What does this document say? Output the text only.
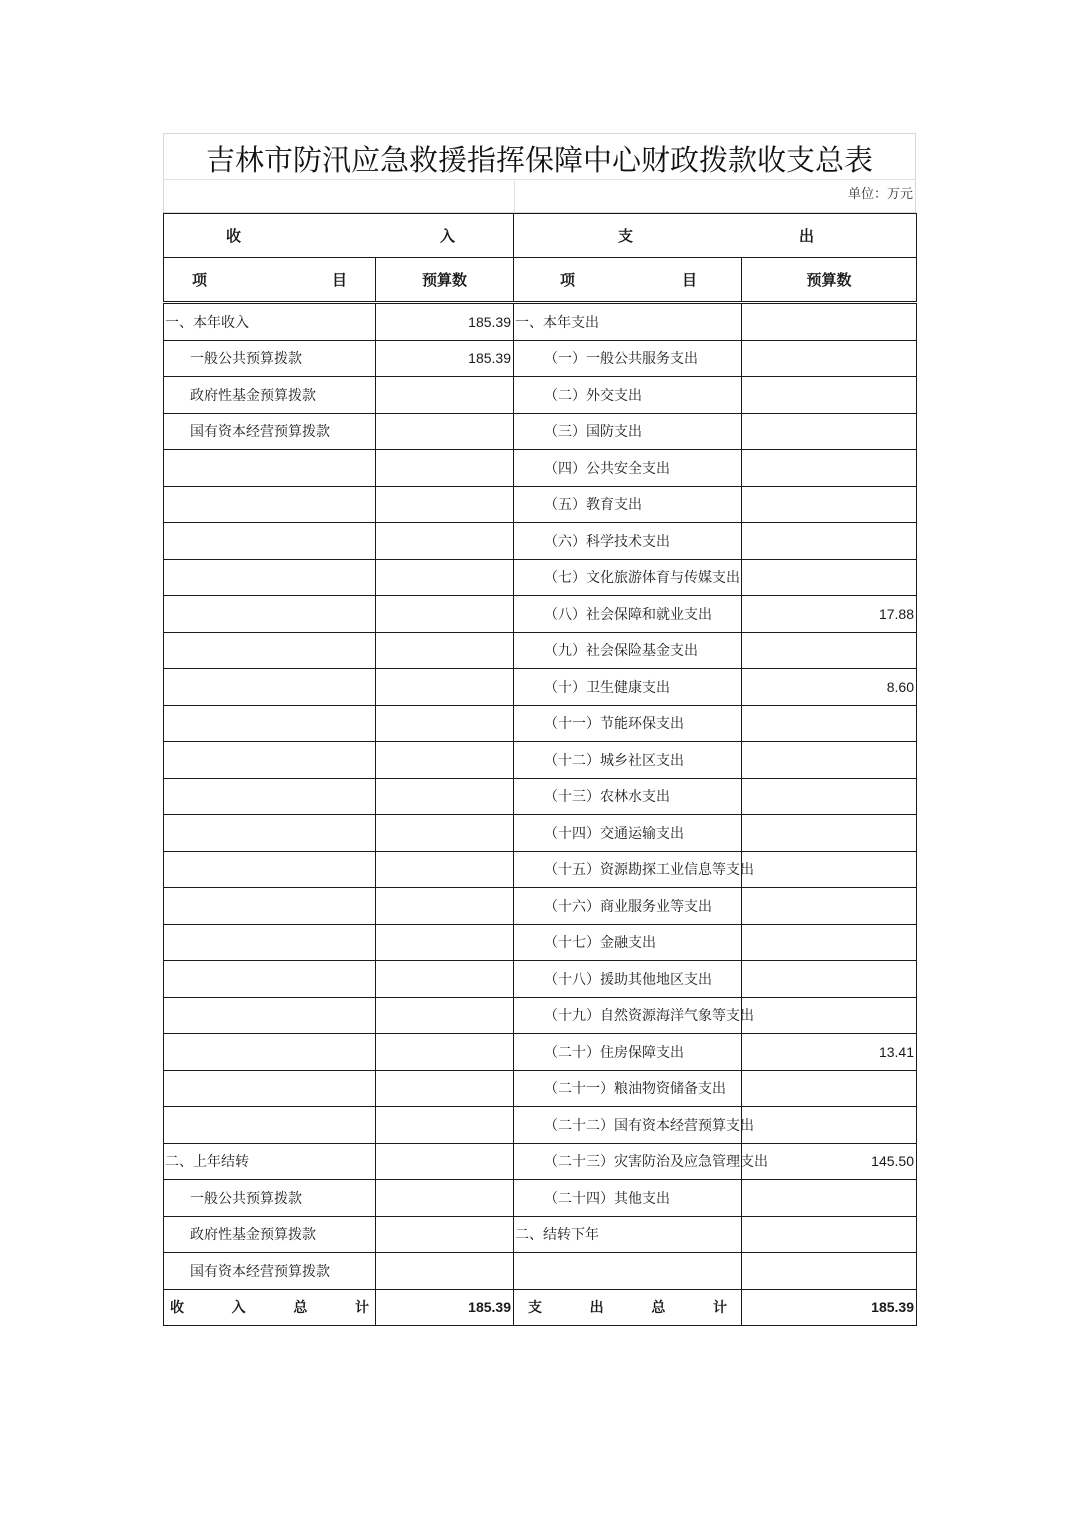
吉林市防汛应急救援指挥保障中心财政拨款收支总表
单位：万元
收 入		支 出	

项 目	预算数	项 目	预算数

一、本年收入	185.39	一、本年支出	
一般公共预算拨款	185.39	（一）一般公共服务支出	
政府性基金预算拨款		（二）外交支出	
国有资本经营预算拨款		（三）国防支出	
		（四）公共安全支出	
		（五）教育支出	
		（六）科学技术支出	
		（七）文化旅游体育与传媒支出	
		（八）社会保障和就业支出	17.88
		（九）社会保险基金支出	
		（十）卫生健康支出	8.60
		（十一）节能环保支出	
		（十二）城乡社区支出	
		（十三）农林水支出	
		（十四）交通运输支出	
		（十五）资源勘探工业信息等支出	
		（十六）商业服务业等支出	
		（十七）金融支出	
		（十八）援助其他地区支出	
		（十九）自然资源海洋气象等支出	
		（二十）住房保障支出	13.41
		（二十一）粮油物资储备支出	
		（二十二）国有资本经营预算支出	
二、上年结转		（二十三）灾害防治及应急管理支出	145.50
一般公共预算拨款		（二十四）其他支出	
政府性基金预算拨款		二、结转下年	
国有资本经营预算拨款			

收 入 总 计	185.39	支 出 总 计	185.39
